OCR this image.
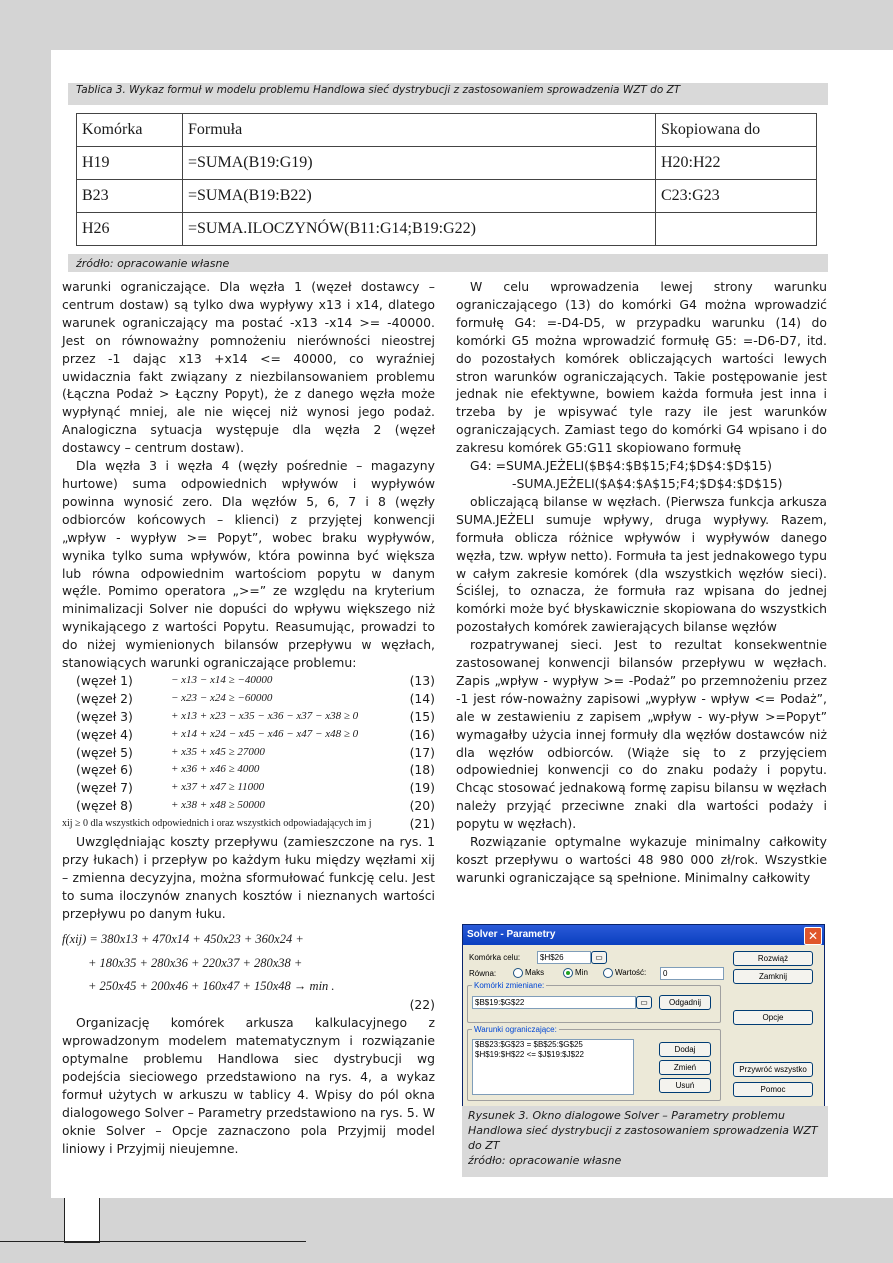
Tablica 3. Wykaz formuł w modelu problemu Handlowa sieć dystrybucji z zastosowaniem sprowadzenia WZT do ZT
Komórka	Formuła	Skopiowana do
H19	=SUMA(B19:G19)	H20:H22
B23	=SUMA(B19:B22)	C23:G23
H26	=SUMA.ILOCZYNÓW(B11:G14;B19:G22)	
źródło: opracowanie własne

warunki ograniczające. Dla węzła 1 (węzeł dostawcy – centrum dostaw) są tylko dwa wypływy x13 i x14, dlatego warunek ograniczający ma postać -x13 -x14 >= -40000. Jest on równoważny pomnożeniu nierówności nieostrej przez -1 dając x13 +x14 <= 40000, co wyraźniej uwidacznia fakt związany z niezbilansowaniem problemu (Łączna Podaż > Łączny Popyt), że z danego węzła może wypłynąć mniej, ale nie więcej niż wynosi jego podaż. Analogiczna sytuacja występuje dla węzła 2 (węzeł dostawcy – centrum dostaw).

Dla węzła 3 i węzła 4 (węzły pośrednie – magazyny hurtowe) suma odpowiednich wpływów i wypływów powinna wynosić zero. Dla węzłów 5, 6, 7 i 8 (węzły odbiorców końcowych – klienci) z przyjętej konwencji „wpływ - wypływ >= Popyt”, wobec braku wypływów, wynika tylko suma wpływów, która powinna być większa lub równa odpowiednim wartościom popytu w danym węźle. Pomimo operatora „>=” ze względu na kryterium minimalizacji Solver nie dopuści do wpływu większego niż wynikającego z wartości Popytu. Reasumując, prowadzi to do niżej wymienionych bilansów przepływu w węzłach, stanowiących warunki ograniczające problemu:

(węzeł 1)	− x13 − x14 ≥ −40000	(13)
(węzeł 2)	− x23 − x24 ≥ −60000	(14)
(węzeł 3)	+ x13 + x23 − x35 − x36 − x37 − x38 ≥ 0	(15)
(węzeł 4)	+ x14 + x24 − x45 − x46 − x47 − x48 ≥ 0	(16)
(węzeł 5)	+ x35 + x45 ≥ 27000	(17)
(węzeł 6)	+ x36 + x46 ≥ 4000	(18)
(węzeł 7)	+ x37 + x47 ≥ 11000	(19)
(węzeł 8)	+ x38 + x48 ≥ 50000	(20)
xij ≥ 0 dla wszystkich odpowiednich i oraz wszystkich odpowiadających im j		(21)

Uwzględniając koszty przepływu (zamieszczone na rys. 1 przy łukach) i przepływ po każdym łuku między węzłami xij – zmienna decyzyjna, można sformułować funkcję celu. Jest to suma iloczynów znanych kosztów i nieznanych wartości przepływu po danym łuku.

f(xij) = 380x13 + 470x14 + 450x23 + 360x24 +
+ 180x35 + 280x36 + 220x37 + 280x38 +
+ 250x45 + 200x46 + 160x47 + 150x48 → min .
(22)

Organizację komórek arkusza kalkulacyjnego z wprowadzonym modelem matematycznym i rozwiązanie optymalne problemu Handlowa siec dystrybucji wg podejścia sieciowego przedstawiono na rys. 4, a wykaz formuł użytych w arkuszu w tablicy 4. Wpisy do pól okna dialogowego Solver – Parametry przedstawiono na rys. 5. W oknie Solver – Opcje zaznaczono pola Przyjmij model liniowy i Przyjmij nieujemne.

W celu wprowadzenia lewej strony warunku ograniczającego (13) do komórki G4 można wprowadzić formułę G4: =-D4-D5, w przypadku warunku (14) do komórki G5 można wprowadzić formułę G5: =-D6-D7, itd. do pozostałych komórek obliczających wartości lewych stron warunków ograniczających. Takie postępowanie jest jednak nie efektywne, bowiem każda formuła jest inna i trzeba by je wpisywać tyle razy ile jest warunków ograniczających. Zamiast tego do komórki G4 wpisano i do zakresu komórek G5:G11 skopiowano formułę

G4: =SUMA.JEŻELI($B$4:$B$15;F4;$D$4:$D$15)
-SUMA.JEŻELI($A$4:$A$15;F4;$D$4:$D$15)

obliczającą bilanse w węzłach. (Pierwsza funkcja arkusza SUMA.JEŻELI sumuje wpływy, druga wypływy. Razem, formuła oblicza różnice wpływów i wypływów danego węzła, tzw. wpływ netto). Formuła ta jest jednakowego typu w całym zakresie komórek (dla wszystkich węzłów sieci). Ściślej, to oznacza, że formuła raz wpisana do jednej komórki może być błyskawicznie skopiowana do wszystkich pozostałych komórek zawierających bilanse węzłów

rozpatrywanej sieci. Jest to rezultat konsekwentnie zastosowanej konwencji bilansów przepływu w węzłach. Zapis „wpływ - wypływ >= -Podaż” po przemnożeniu przez -1 jest rów-noważny zapisowi „wypływ - wpływ <= Podaż”, ale w zestawieniu z zapisem „wpływ - wy-pływ >=Popyt” wymagałby użycia innej formuły dla węzłów dostawców niż dla węzłów odbiorców. (Wiąże się to z przyjęciem odpowiedniej konwencji co do znaku podaży i popytu. Chcąc stosować jednakową formę zapisu bilansu w węzłach należy przyjąć przeciwne znaki dla wartości podaży i popytu w węzłach).

Rozwiązanie optymalne wykazuje minimalny całkowity koszt przepływu o wartości 48 980 000 zł/rok. Wszystkie warunki ograniczające są spełnione. Minimalny całkowity

Solver - Parametry	✕
Komórka celu:	$H$26	▭
Równa:	Maks	Min	Wartość:	0
Komórki zmieniane:
$B$19:$G$22	▭	Odgadnij
Warunki ograniczające:
$B$23:$G$23 = $B$25:$G$25
$H$19:$H$22 <= $J$19:$J$22
Dodaj
Zmień
Usuń
Rozwiąż
Zamknij
Opcje
Przywróć wszystko
Pomoc
Rysunek 3. Okno dialogowe Solver – Parametry problemu Handlowa sieć dystrybucji z zastosowaniem sprowadzenia WZT do ZT
źródło: opracowanie własne
